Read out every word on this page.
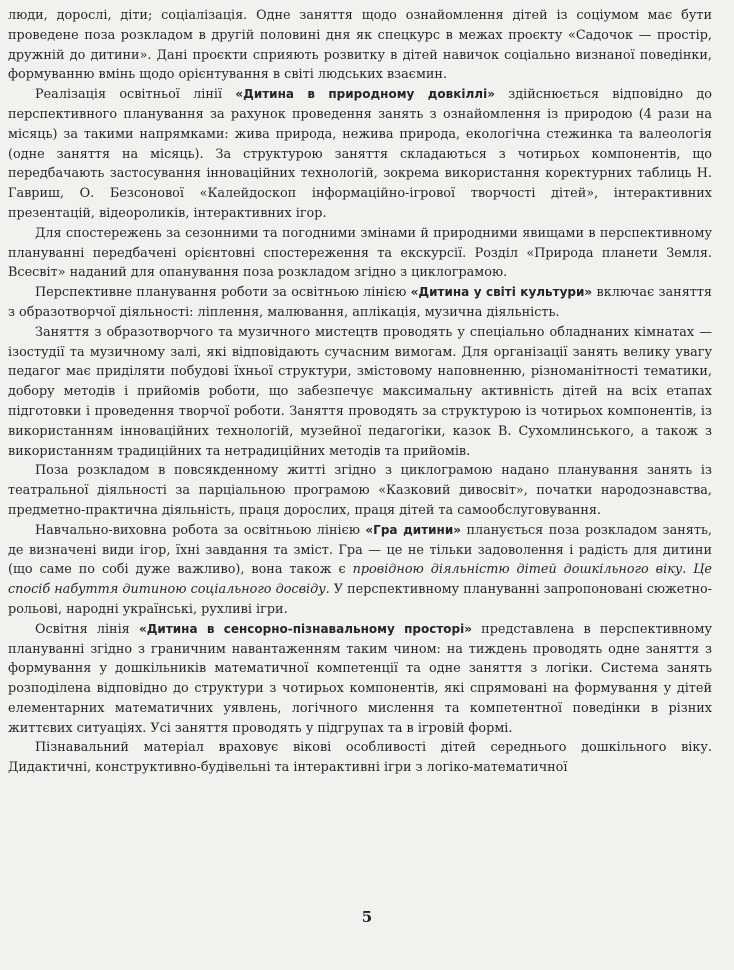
люди, дорослі, діти; соціалізація. Одне заняття щодо ознайомлення дітей із соціумом має бути проведене поза розкладом в другій половині дня як спецкурс в межах проєкту «Садочок — простір, дружній до дитини». Дані проєкти сприяють розвитку в дітей навичок соціально визнаної поведінки, формуванню вмінь щодо орієнтування в світі людських взаємин.

Реалізація освітньої лінії «Дитина в природному довкіллі» здійснюється відповідно до перспективного планування за рахунок проведення занять з ознайомлення із природою (4 рази на місяць) за такими напрямками: жива природа, нежива природа, екологічна стежинка та валеологія (одне заняття на місяць). За структурою заняття складаються з чотирьох компонентів, що передбачають застосування інноваційних технологій, зокрема використання коректурних таблиць Н. Гавриш, О. Безсонової «Калейдоскоп інформаційно-ігрової творчості дітей», інтерактивних презентацій, відеороликів, інтерактивних ігор.

Для спостережень за сезонними та погодними змінами й природними явищами в перспективному плануванні передбачені орієнтовні спостереження та екскурсії. Розділ «Природа планети Земля. Всесвіт» наданий для опанування поза розкладом згідно з циклограмою.

Перспективне планування роботи за освітньою лінією «Дитина у світі культури» включає заняття з образотворчої діяльності: ліплення, малювання, аплікація, музична діяльність.

Заняття з образотворчого та музичного мистецтв проводять у спеціально обладнаних кімнатах — ізостудії та музичному залі, які відповідають сучасним вимогам. Для організації занять велику увагу педагог має приділяти побудові їхньої структури, змістовому наповненню, різноманітності тематики, добору методів і прийомів роботи, що забезпечує максимальну активність дітей на всіх етапах підготовки і проведення творчої роботи. Заняття проводять за структурою із чотирьох компонентів, із використанням інноваційних технологій, музейної педагогіки, казок В. Сухомлинського, а також з використанням традиційних та нетрадиційних методів та прийомів.

Поза розкладом в повсякденному житті згідно з циклограмою надано планування занять із театральної діяльності за парціальною програмою «Казковий дивосвіт», початки народознавства, предметно-практична діяльність, праця дорослих, праця дітей та самообслуговування.

Навчально-виховна робота за освітньою лінією «Гра дитини» планується поза розкладом занять, де визначені види ігор, їхні завдання та зміст. Гра — це не тільки задоволення і радість для дитини (що саме по собі дуже важливо), вона також є провідною діяльністю дітей дошкільного віку. Це спосіб набуття дитиною соціального досвіду. У перспективному плануванні запропоновані сюжетно-рольові, народні українські, рухливі ігри.

Освітня лінія «Дитина в сенсорно-пізнавальному просторі» представлена в перспективному плануванні згідно з граничним навантаженням таким чином: на тиждень проводять одне заняття з формування у дошкільників математичної компетенції та одне заняття з логіки. Система занять розподілена відповідно до структури з чотирьох компонентів, які спрямовані на формування у дітей елементарних математичних уявлень, логічного мислення та компетентної поведінки в різних життєвих ситуаціях. Усі заняття проводять у підгрупах та в ігровій формі.

Пізнавальний матеріал враховує вікові особливості дітей середнього дошкільного віку. Дидактичні, конструктивно-будівельні та інтерактивні ігри з логіко-математичної

5
